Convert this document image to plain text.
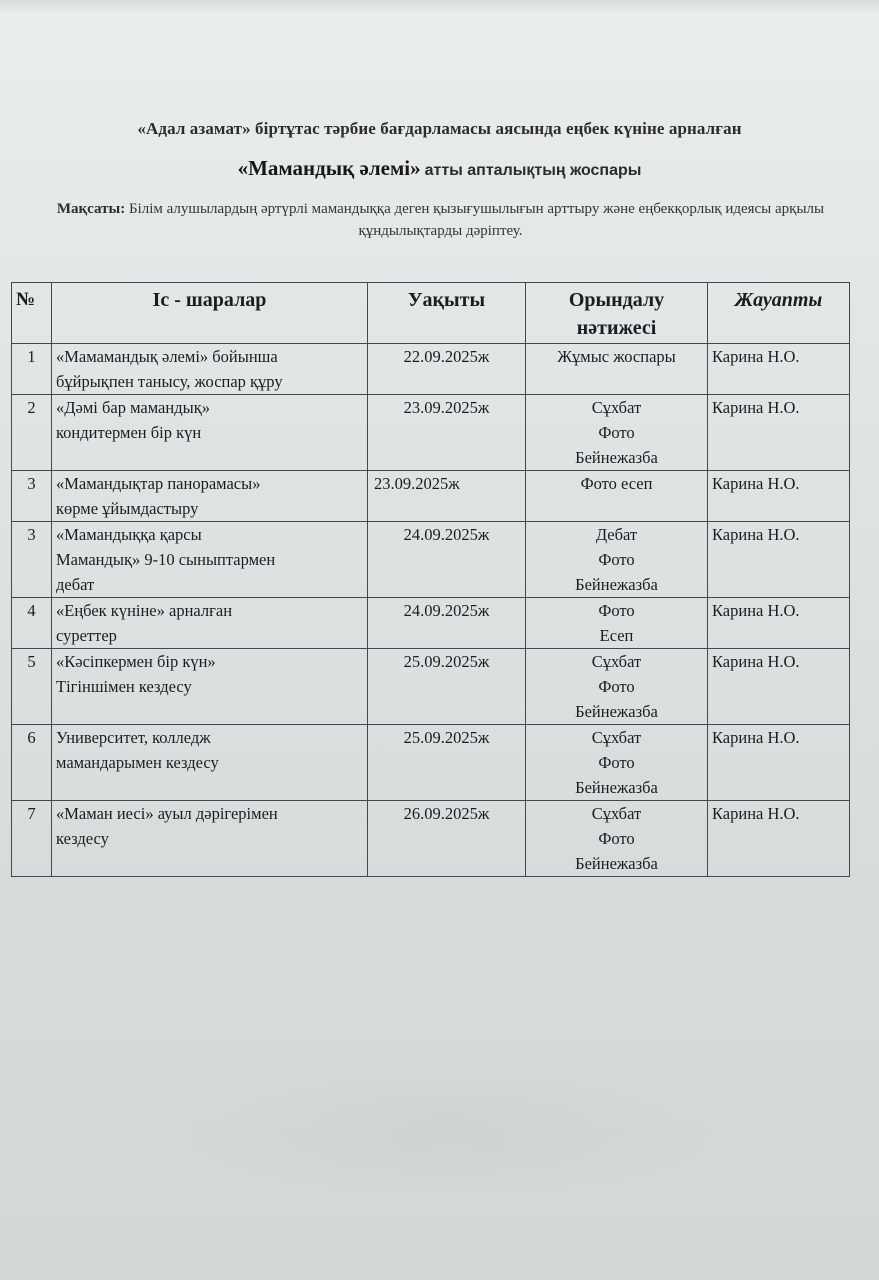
«Адал азамат» біртұтас тәрбие бағдарламасы аясында еңбек күніне арналған
«Мамандық әлемі» атты апталықтың жоспары
Мақсаты: Білім алушылардың әртүрлі мамандыққа деген қызығушылығын арттыру және еңбекқорлық идеясы арқылы құндылықтарды дәріптеу.
№	Іс - шаралар	Уақыты	Орындалу
нәтижесі	Жауапты
1	«Мамамандық әлемі» бойынша
бұйрықпен танысу, жоспар құру	22.09.2025ж	Жұмыс жоспары	Карина Н.О.
2	«Дәмі бар мамандық»
кондитермен бір күн	23.09.2025ж	Сұхбат
Фото
Бейнежазба	Карина Н.О.
3	«Мамандықтар панорамасы»
көрме ұйымдастыру	23.09.2025ж	Фото есеп	Карина Н.О.
3	«Мамандыққа қарсы
Мамандық» 9-10 сыныптармен
дебат	24.09.2025ж	Дебат
Фото
Бейнежазба	Карина Н.О.
4	«Еңбек күніне» арналған
суреттер	24.09.2025ж	Фото
Есеп	Карина Н.О.
5	«Кәсіпкермен бір күн»
Тігіншімен кездесу	25.09.2025ж	Сұхбат
Фото
Бейнежазба	Карина Н.О.
6	Университет, колледж
мамандарымен кездесу	25.09.2025ж	Сұхбат
Фото
Бейнежазба	Карина Н.О.
7	«Маман иесі» ауыл дәрігерімен
кездесу	26.09.2025ж	Сұхбат
Фото
Бейнежазба	Карина Н.О.
